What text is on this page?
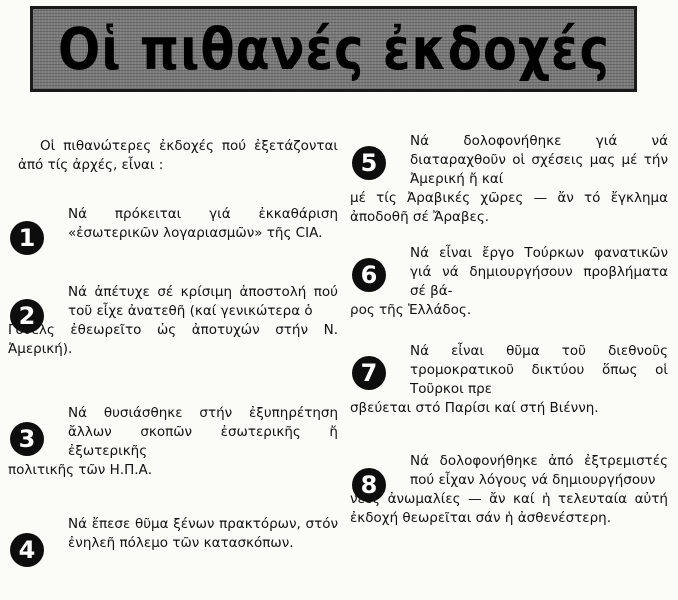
Οἱ πιθανές ἐκδοχές
Οἱ πιθανώτερες ἐκδοχές πού ἐξετάζονται ἀπό τίς ἀρχές, εἶναι :
1
Νά πρόκειται γιά ἐκκαθάριση «ἐσωτερικῶν λογαριασμῶν» τῆς CIA.
2
Νά ἀπέτυχε σέ κρίσιμη ἀποστολή πού τοῦ εἶχε ἀνατεθῆ (καί γενικώτερα ὁ
Γουέλς ἐθεωρεῖτο ὡς ἀποτυχών στήν Ν. Ἀμερική).
3
Νά θυσιάσθηκε στήν ἐξυπηρέτηση ἄλλων σκοπῶν ἐσωτερικῆς ἤ ἐξωτερικῆς
πολιτικῆς τῶν Η.Π.Α.
4
Νά ἔπεσε θῦμα ξένων πρακτόρων, στόν ἐνηλεῆ πόλεμο τῶν κατασκόπων.
5
Νά δολοφονήθηκε γιά νά διαταραχθοῦν οἱ σχέσεις μας μέ τήν Ἀμερική ἤ καί
μέ τίς Ἀραβικές χῶρες — ἄν τό ἔγκλημα ἀποδοθῆ σέ Ἄραβες.
6
Νά εἶναι ἔργο Τούρκων φανατικῶν γιά νά δημιουργήσουν προβλήματα σέ βά-
ρος τῆς Ἑλλάδος.
7
Νά εἶναι θῦμα τοῦ διεθνοῦς τρομοκρατικοῦ δικτύου ὅπως οἱ Τοῦρκοι πρε
σβεύεται στό Παρίσι καί στή Βιέννη.
8
Νά δολοφονήθηκε ἀπό ἐξτρεμιστές πού εἶχαν λόγους νά δημιουργήσουν
νέες ἀνωμαλίες — ἄν καί ἡ τελευταία αὐτή ἐκδοχή θεωρεῖται σάν ἡ ἀσθενέστερη.
